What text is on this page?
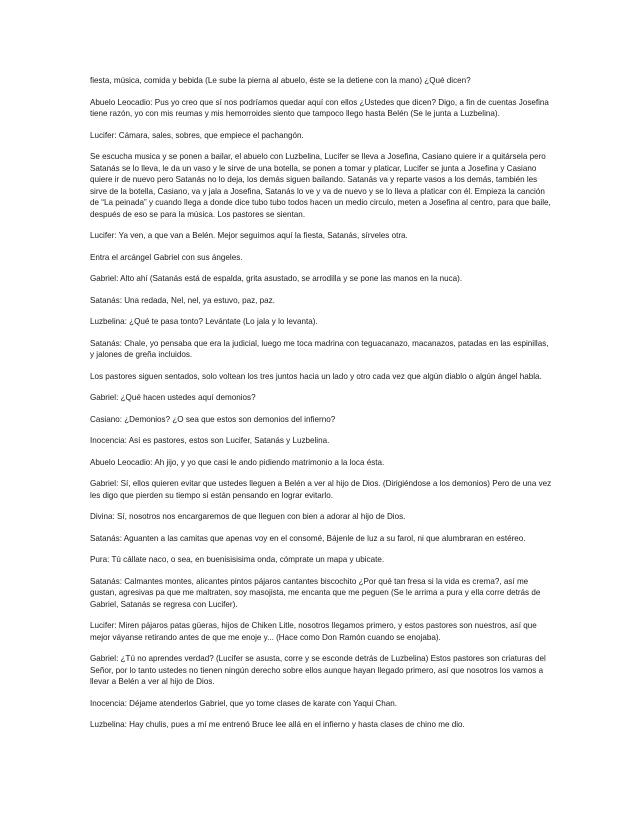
fiesta, música, comida y bebida (Le sube la pierna al abuelo, éste se la detiene con la mano) ¿Qué dicen?

Abuelo Leocadio: Pus yo creo que sí nos podríamos quedar aquí con ellos ¿Ustedes que dicen? Digo, a fin de cuentas Josefina tiene razón, yo con mis reumas y mis hemorroides siento que tampoco llego hasta Belén (Se le junta a Luzbelina).

Lucifer: Cámara, sales, sobres, que empiece el pachangón.

Se escucha musica y se ponen a bailar, el abuelo con Luzbelina, Lucifer se lleva a Josefina, Casiano quiere ir a quitársela pero Satanás se lo lleva, le da un vaso y le sirve de una botella, se ponen a tomar y platicar, Lucifer se junta a Josefina y Casiano quiere ir de nuevo pero Satanás no lo deja, los demás siguen bailando. Satanás va y reparte vasos a los demás, también les sirve de la botella, Casiano, va y jala a Josefina, Satanás lo ve y va de nuevo y se lo lleva a platicar con él. Empieza la canción de “La peinada” y cuando llega a donde dice tubo tubo todos hacen un medio circulo, meten a Josefina al centro, para que baile, después de eso se para la música. Los pastores se sientan.

Lucifer: Ya ven, a que van a Belén. Mejor seguimos aquí la fiesta, Satanás, sírveles otra.

Entra el arcángel Gabriel con sus ángeles.

Gabriel: Alto ahí (Satanás está de espalda, grita asustado, se arrodilla y se pone las manos en la nuca).

Satanás: Una redada, Nel, nel, ya estuvo, paz, paz.

Luzbelina: ¿Qué te pasa tonto? Levántate (Lo jala y lo levanta).

Satanás: Chale, yo pensaba que era la judicial, luego me toca madrina con teguacanazo, macanazos, patadas en las espinillas, y jalones de greña incluidos.

Los pastores siguen sentados, solo voltean los tres juntos hacia un lado y otro cada vez que algún diablo o algún ángel habla.

Gabriel: ¿Qué hacen ustedes aquí demonios?

Casiano: ¿Demonios? ¿O sea que estos son demonios del infierno?

Inocencia: Así es pastores, estos son Lucifer, Satanás y Luzbelina.

Abuelo Leocadio: Ah jijo, y yo que casi le ando pidiendo matrimonio a la loca ésta.

Gabriel: Sí, ellos quieren evitar que ustedes lleguen a Belén a ver al hijo de Dios. (Dirigiéndose a los demonios) Pero de una vez les digo que pierden su tiempo si están pensando en lograr evitarlo.

Divina: Sí, nosotros nos encargaremos de que lleguen con bien a adorar al hijo de Dios.

Satanás: Aguanten a las camitas que apenas voy en el consomé, Bájenle de luz a su farol, ni que alumbraran en estéreo.

Pura: Tú cállate naco, o sea, en buenisisisima onda, cómprate un mapa y ubicate.

Satanás: Calmantes montes, alicantes pintos pájaros cantantes biscochito ¿Por qué tan fresa si la vida es crema?, así me gustan, agresivas pa que me maltraten, soy masojista, me encanta que me peguen (Se le arrima a pura y ella corre detrás de Gabriel, Satanás se regresa con Lucifer).

Lucifer: Miren pájaros patas güeras, hijos de Chiken Litle, nosotros llegamos primero, y estos pastores son nuestros, así que mejor váyanse retirando antes de que me enoje y... (Hace como Don Ramón cuando se enojaba).

Gabriel: ¿Tú no aprendes verdad? (Lucifer se asusta, corre y se esconde detrás de Luzbelina) Estos pastores son criaturas del Señor, por lo tanto ustedes no tienen ningún derecho sobre ellos aunque hayan llegado primero, así que nosotros los vamos a llevar a Belén a ver al hijo de Dios.

Inocencia: Déjame atenderlos Gabriel, que yo tome clases de karate con Yaqui Chan.

Luzbelina: Hay chulis, pues a mí me entrenó Bruce lee allá en el infierno y hasta clases de chino me dio.
